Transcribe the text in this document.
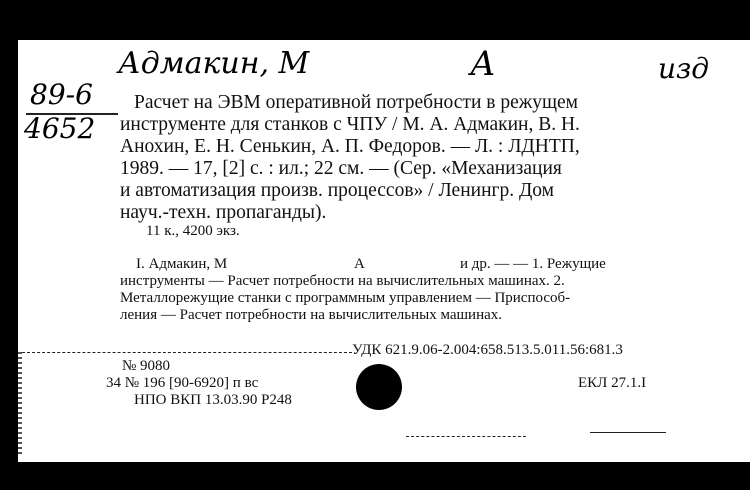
Адмакин, М	А	изд
89-6
4652
Расчет на ЭВМ оперативной потребности в режущем
инструменте для станков с ЧПУ / М. А. Адмакин, В. Н.
Анохин, Е. Н. Сенькин, А. П. Федоров. — Л. : ЛДНТП,
1989. — 17, [2] с. : ил.; 22 см. — (Сер. «Механизация
и автоматизация произв. процессов» / Ленингр. Дом
науч.-техн. пропаганды).
11 к., 4200 экз.
I. Адмакин, М	А	и др. — — 1. Режущие
инструменты — Расчет потребности на вычислительных машинах. 2.
Металлорежущие станки с программным управлением — Приспособ-
ления — Расчет потребности на вычислительных машинах.
УДК 621.9.06-2.004:658.513.5.011.56:681.3
№ 9080
34 № 196 [90-6920] п вс
НПО ВКП 13.03.90 Р248
ЕКЛ 27.1.I
